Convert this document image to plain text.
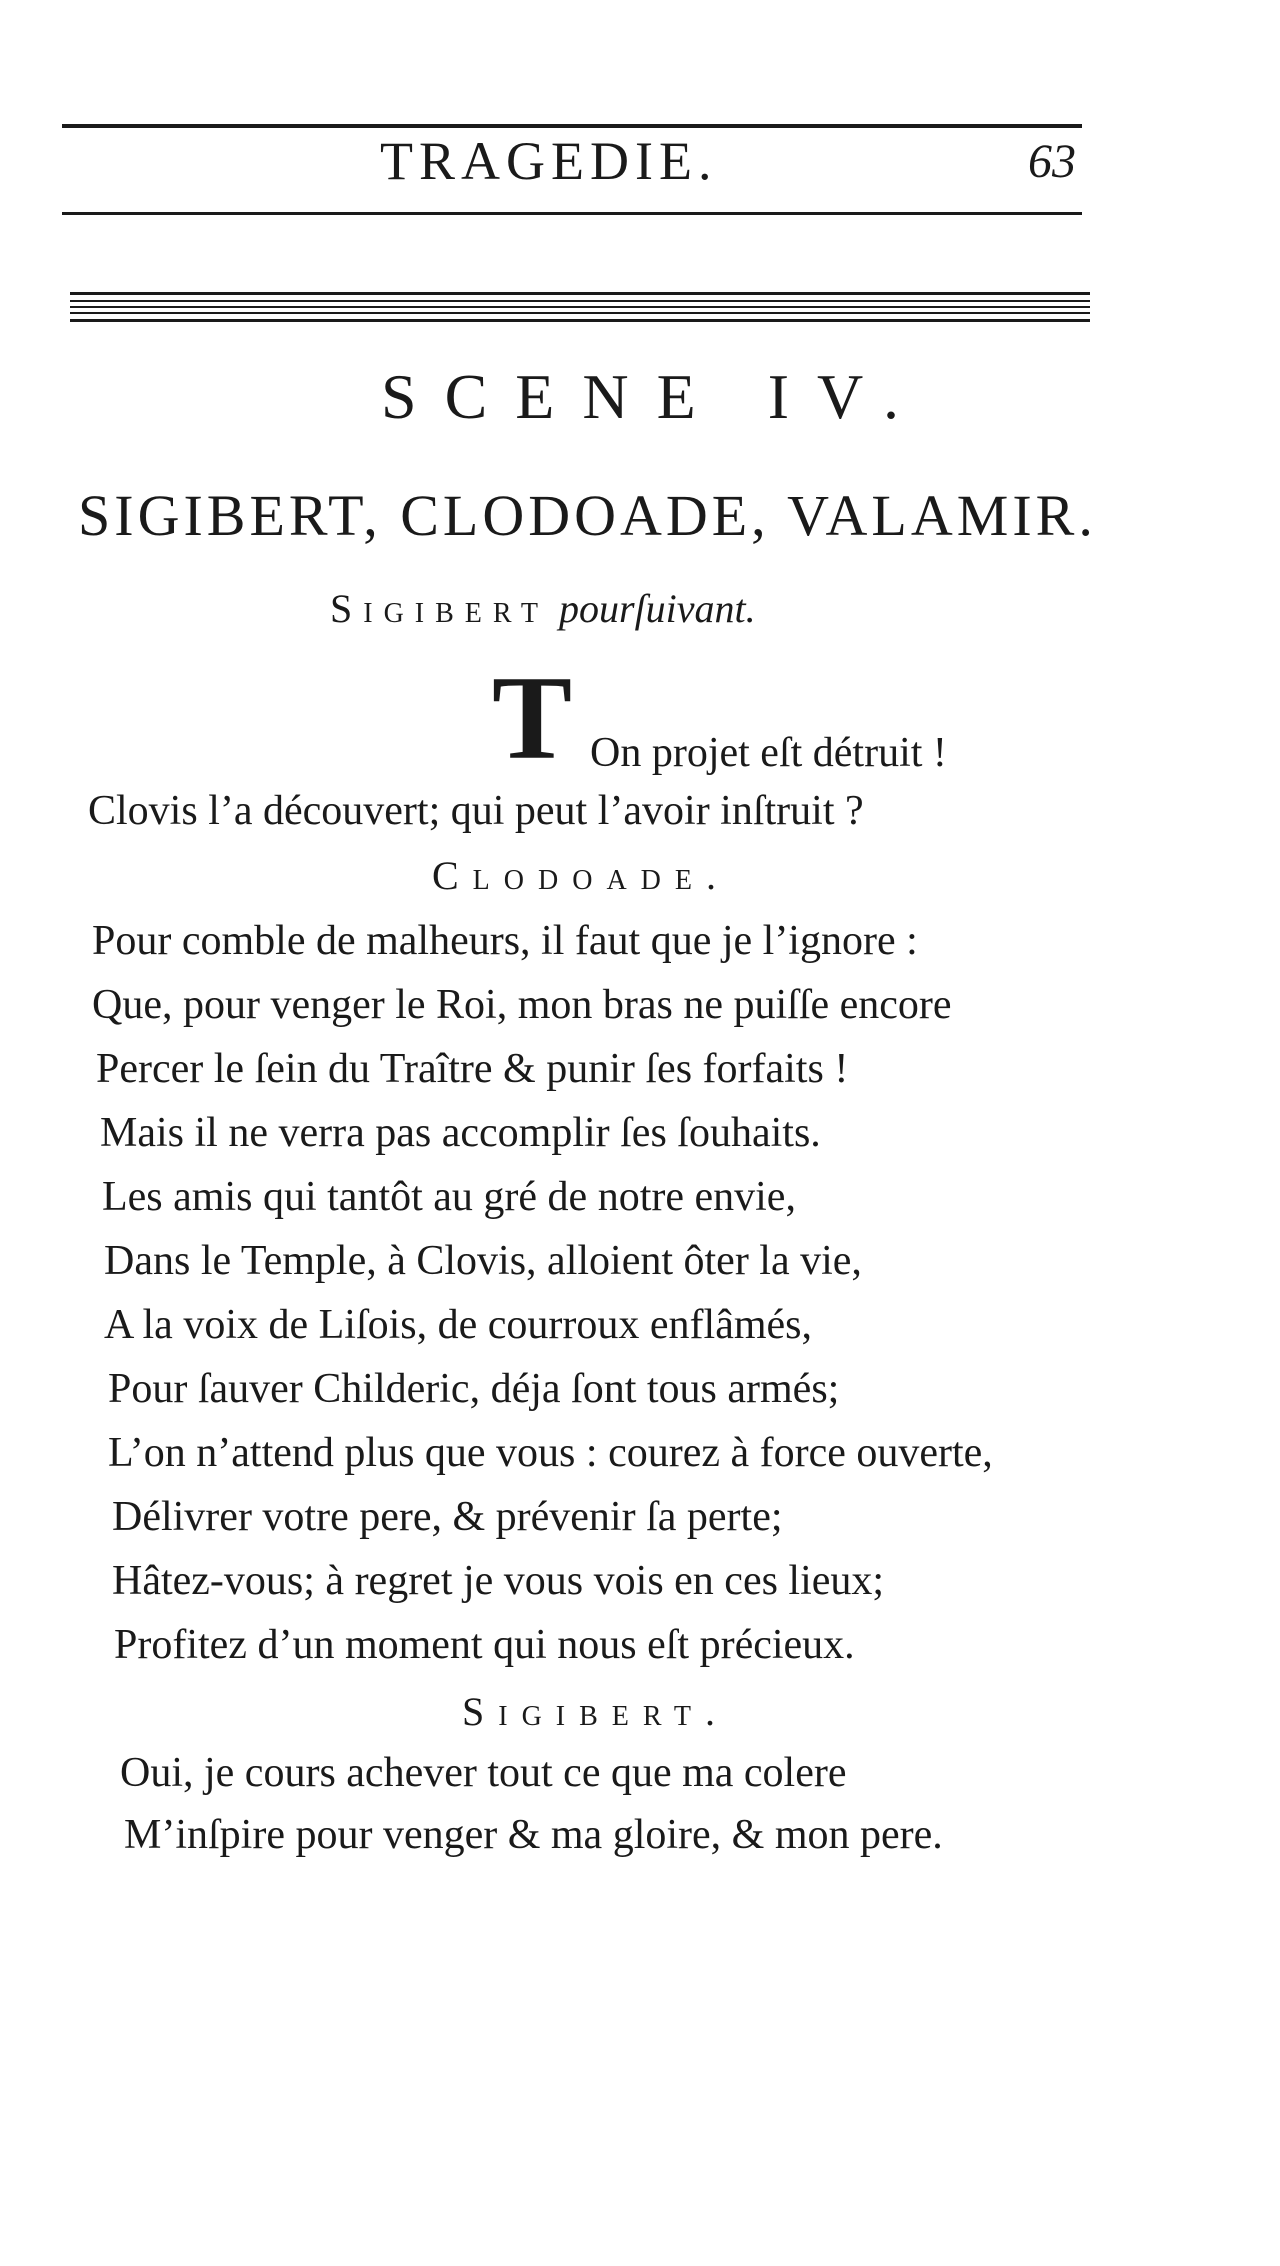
TRAGEDIE.	63
SCENE IV.
SIGIBERT, CLODOADE, VALAMIR.
Sigibert pourſuivant.
T On projet eſt détruit !
Clovis l’a découvert; qui peut l’avoir inſtruit ?
Clodoade.
Pour comble de malheurs, il faut que je l’ignore :
Que, pour venger le Roi, mon bras ne puiſſe encore
Percer le ſein du Traître & punir ſes forfaits !
Mais il ne verra pas accomplir ſes ſouhaits.
Les amis qui tantôt au gré de notre envie,
Dans le Temple, à Clovis, alloient ôter la vie,
A la voix de Liſois, de courroux enflâmés,
Pour ſauver Childeric, déja ſont tous armés;
L’on n’attend plus que vous : courez à force ouverte,
Délivrer votre pere, & prévenir ſa perte;
Hâtez-vous; à regret je vous vois en ces lieux;
Profitez d’un moment qui nous eſt précieux.
Sigibert.
Oui, je cours achever tout ce que ma colere
M’inſpire pour venger & ma gloire, & mon pere.
